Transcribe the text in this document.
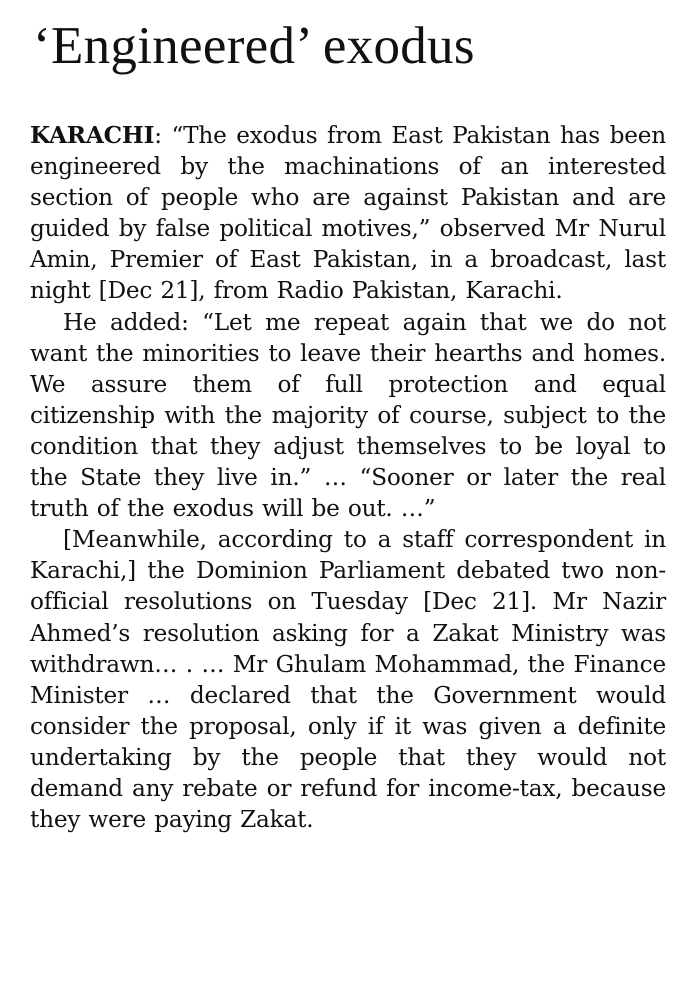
‘Engineered’ exodus

KARACHI: “The exodus from East Pakistan has been engineered by the machinations of an interested section of people who are against Pakistan and are guided by false political motives,” observed Mr Nurul Amin, Premier of East Pakistan, in a broadcast, last night [Dec 21], from Radio Pakistan, Karachi.

He added: “Let me repeat again that we do not want the minorities to leave their hearths and homes. We assure them of full protection and equal citizenship with the majority of course, subject to the condition that they adjust themselves to be loyal to the State they live in.” … “Sooner or later the real truth of the exodus will be out. …”

[Meanwhile, according to a staff correspondent in Karachi,] the Dominion Parliament debated two non-official resolutions on Tuesday [Dec 21]. Mr Nazir Ahmed’s resolution asking for a Zakat Ministry was withdrawn… . … Mr Ghulam Mohammad, the Finance Minister … declared that the Government would consider the proposal, only if it was given a definite undertaking by the people that they would not demand any rebate or refund for income-tax, because they were paying Zakat.
